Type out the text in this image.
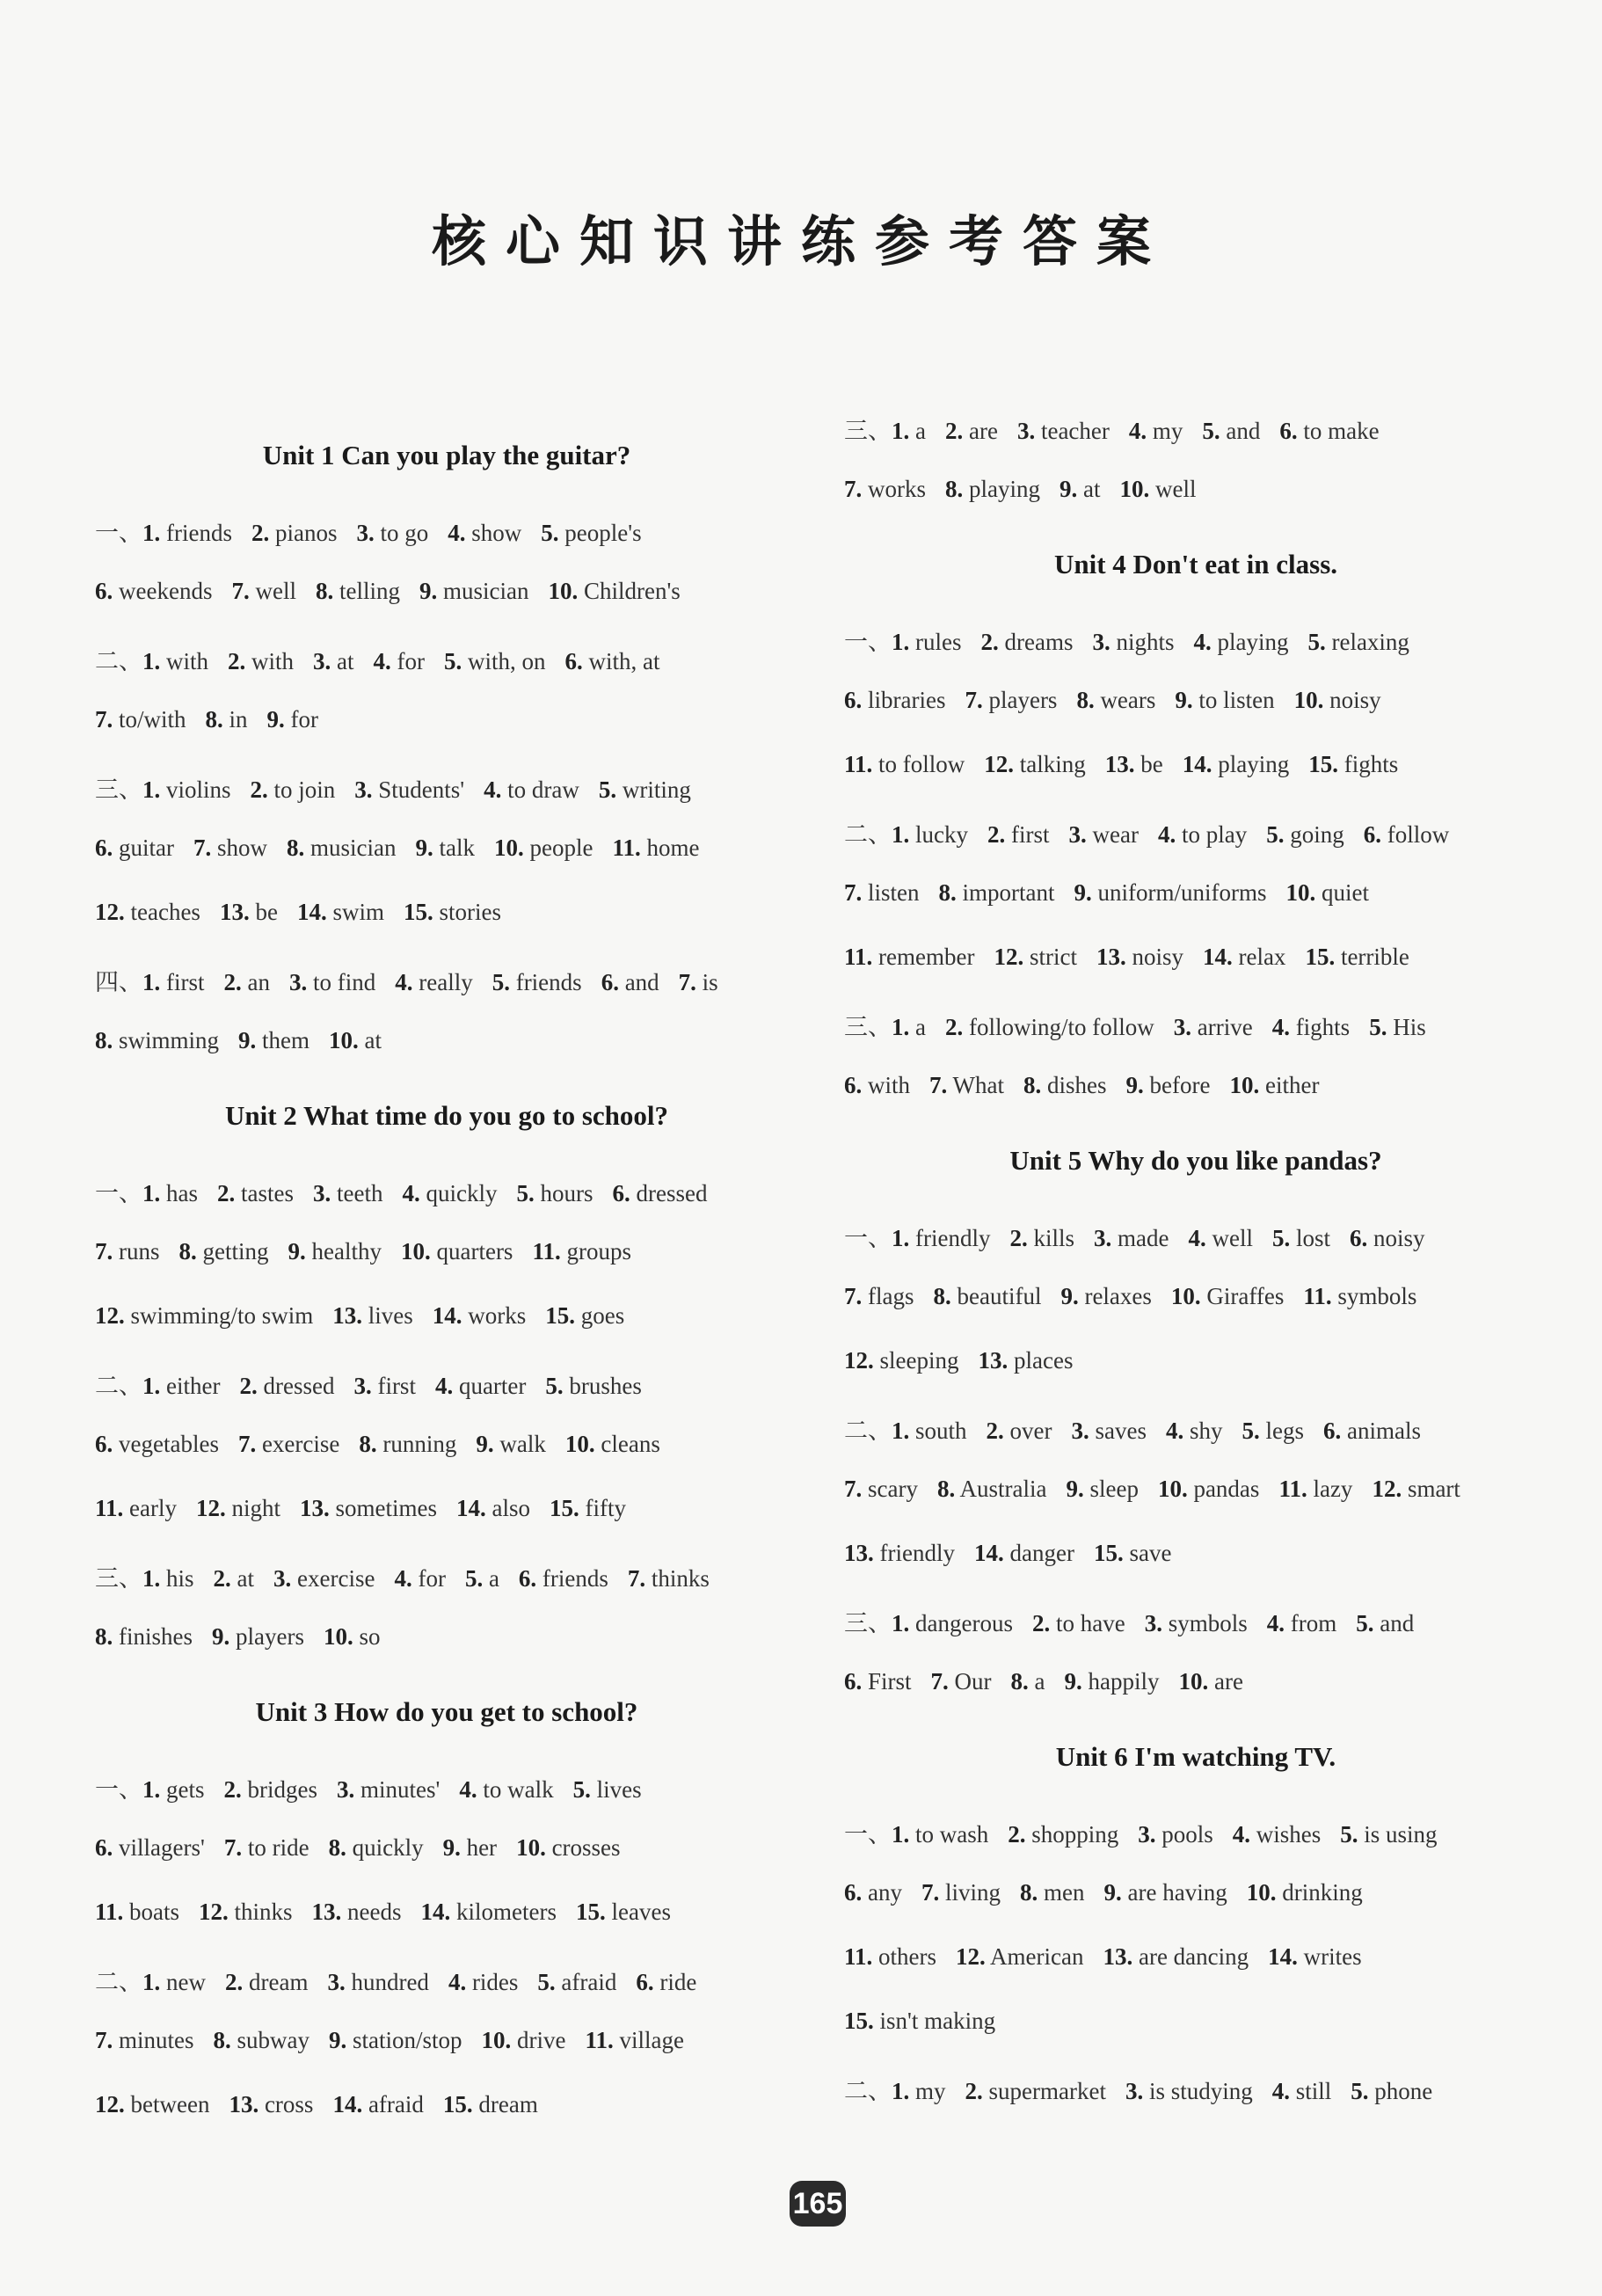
核心知识讲练参考答案
Unit 1 Can you play the guitar?
一、1. friends 2. pianos 3. to go 4. show 5. people's
6. weekends 7. well 8. telling 9. musician 10. Children's
二、1. with 2. with 3. at 4. for 5. with, on 6. with, at
7. to/with 8. in 9. for
三、1. violins 2. to join 3. Students' 4. to draw 5. writing
6. guitar 7. show 8. musician 9. talk 10. people 11. home
12. teaches 13. be 14. swim 15. stories
四、1. first 2. an 3. to find 4. really 5. friends 6. and 7. is
8. swimming 9. them 10. at
Unit 2 What time do you go to school?
一、1. has 2. tastes 3. teeth 4. quickly 5. hours 6. dressed
7. runs 8. getting 9. healthy 10. quarters 11. groups
12. swimming/to swim 13. lives 14. works 15. goes
二、1. either 2. dressed 3. first 4. quarter 5. brushes
6. vegetables 7. exercise 8. running 9. walk 10. cleans
11. early 12. night 13. sometimes 14. also 15. fifty
三、1. his 2. at 3. exercise 4. for 5. a 6. friends 7. thinks
8. finishes 9. players 10. so
Unit 3 How do you get to school?
一、1. gets 2. bridges 3. minutes' 4. to walk 5. lives
6. villagers' 7. to ride 8. quickly 9. her 10. crosses
11. boats 12. thinks 13. needs 14. kilometers 15. leaves
二、1. new 2. dream 3. hundred 4. rides 5. afraid 6. ride
7. minutes 8. subway 9. station/stop 10. drive 11. village
12. between 13. cross 14. afraid 15. dream
三、1. a 2. are 3. teacher 4. my 5. and 6. to make
7. works 8. playing 9. at 10. well
Unit 4 Don't eat in class.
一、1. rules 2. dreams 3. nights 4. playing 5. relaxing
6. libraries 7. players 8. wears 9. to listen 10. noisy
11. to follow 12. talking 13. be 14. playing 15. fights
二、1. lucky 2. first 3. wear 4. to play 5. going 6. follow
7. listen 8. important 9. uniform/uniforms 10. quiet
11. remember 12. strict 13. noisy 14. relax 15. terrible
三、1. a 2. following/to follow 3. arrive 4. fights 5. His
6. with 7. What 8. dishes 9. before 10. either
Unit 5 Why do you like pandas?
一、1. friendly 2. kills 3. made 4. well 5. lost 6. noisy
7. flags 8. beautiful 9. relaxes 10. Giraffes 11. symbols
12. sleeping 13. places
二、1. south 2. over 3. saves 4. shy 5. legs 6. animals
7. scary 8. Australia 9. sleep 10. pandas 11. lazy 12. smart
13. friendly 14. danger 15. save
三、1. dangerous 2. to have 3. symbols 4. from 5. and
6. First 7. Our 8. a 9. happily 10. are
Unit 6 I'm watching TV.
一、1. to wash 2. shopping 3. pools 4. wishes 5. is using
6. any 7. living 8. men 9. are having 10. drinking
11. others 12. American 13. are dancing 14. writes
15. isn't making
二、1. my 2. supermarket 3. is studying 4. still 5. phone
165
